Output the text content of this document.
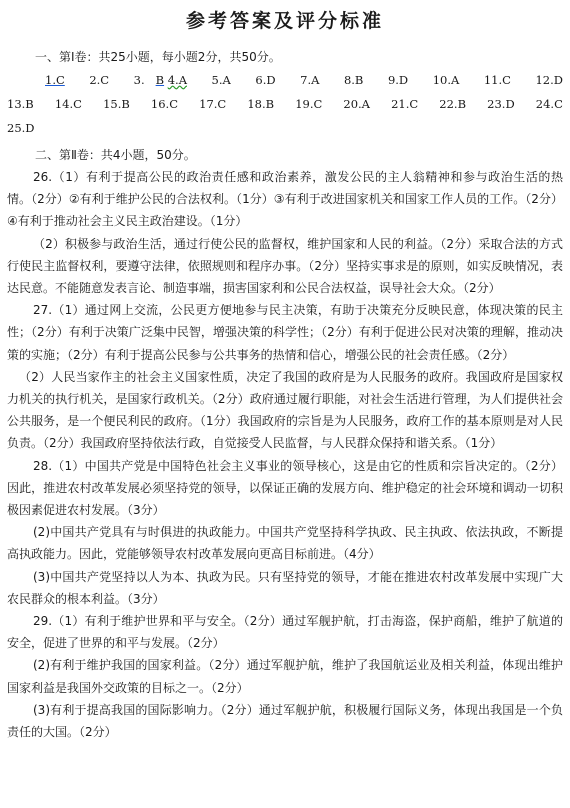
参考答案及评分标准

一、第Ⅰ卷：共25小题，每小题2分，共50分。

1.C 2.C 3. B 4.A 5.A 6.D 7.A 8.B 9.D 10.A 11.C 12.D
13.B 14.C 15.B 16.C 17.C 18.B 19.C 20.A 21.C 22.B 23.D 24.C
25.D

二、第Ⅱ卷：共4小题，50分。

26.（1）有利于提高公民的政治责任感和政治素养，激发公民的主人翁精神和参与政治生活的热情。（2分）②有利于维护公民的合法权利。（1分）③有利于改进国家机关和国家工作人员的工作。（2分）④有利于推动社会主义民主政治建设。（1分）

（2）积极参与政治生活，通过行使公民的监督权，维护国家和人民的利益。（2分）采取合法的方式行使民主监督权利，要遵守法律，依照规则和程序办事。（2分）坚持实事求是的原则，如实反映情况，表达民意。不能随意发表言论、制造事端，损害国家利和公民合法权益，误导社会大众。（2分）

27.（1）通过网上交流，公民更方便地参与民主决策，有助于决策充分反映民意，体现决策的民主性；（2分）有利于决策广泛集中民智，增强决策的科学性；（2分）有利于促进公民对决策的理解，推动决策的实施；（2分）有利于提高公民参与公共事务的热情和信心，增强公民的社会责任感。（2分）

（2）人民当家作主的社会主义国家性质，决定了我国的政府是为人民服务的政府。我国政府是国家权力机关的执行机关，是国家行政机关。（2分）政府通过履行职能，对社会生活进行管理，为人们提供社会公共服务，是一个便民利民的政府。（1分）我国政府的宗旨是为人民服务，政府工作的基本原则是对人民负责。（2分）我国政府坚持依法行政，自觉接受人民监督，与人民群众保持和谐关系。（1分）

28.（1）中国共产党是中国特色社会主义事业的领导核心，这是由它的性质和宗旨决定的。（2分）因此，推进农村改革发展必须坚持党的领导，以保证正确的发展方向、维护稳定的社会环境和调动一切积极因素促进农村发展。（3分）

(2)中国共产党具有与时俱进的执政能力。中国共产党坚持科学执政、民主执政、依法执政，不断提高执政能力。因此，党能够领导农村改革发展向更高目标前进。（4分）

(3)中国共产党坚持以人为本、执政为民。只有坚持党的领导，才能在推进农村改革发展中实现广大农民群众的根本利益。（3分）

29.（1）有利于维护世界和平与安全。（2分）通过军舰护航，打击海盗，保护商船，维护了航道的安全，促进了世界的和平与发展。（2分）

(2)有利于维护我国的国家利益。（2分）通过军舰护航，维护了我国航运业及相关利益，体现出维护国家利益是我国外交政策的目标之一。（2分）

(3)有利于提高我国的国际影响力。（2分）通过军舰护航，积极履行国际义务，体现出我国是一个负责任的大国。（2分）
